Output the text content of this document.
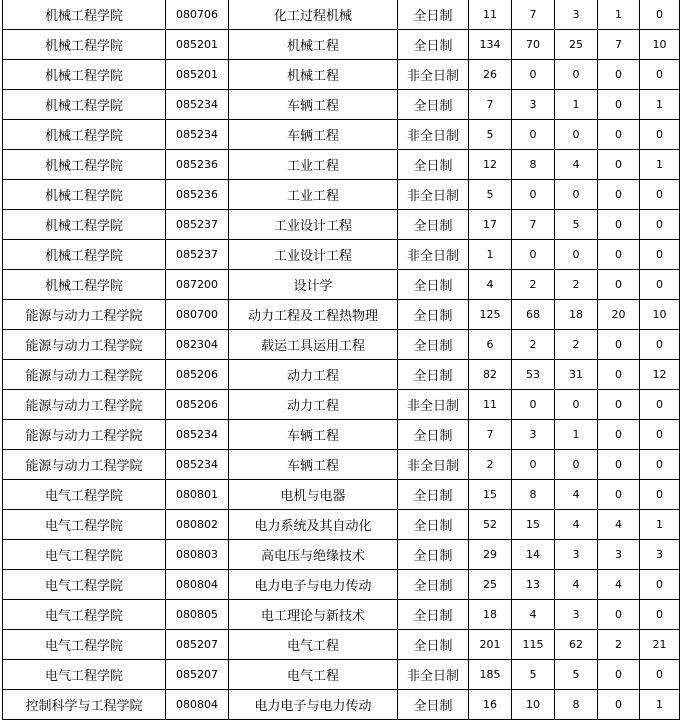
机械工程学院	080706	化工过程机械	全日制	11	7	3	1	0
机械工程学院	085201	机械工程	全日制	134	70	25	7	10
机械工程学院	085201	机械工程	非全日制	26	0	0	0	0
机械工程学院	085234	车辆工程	全日制	7	3	1	0	1
机械工程学院	085234	车辆工程	非全日制	5	0	0	0	0
机械工程学院	085236	工业工程	全日制	12	8	4	0	1
机械工程学院	085236	工业工程	非全日制	5	0	0	0	0
机械工程学院	085237	工业设计工程	全日制	17	7	5	0	0
机械工程学院	085237	工业设计工程	非全日制	1	0	0	0	0
机械工程学院	087200	设计学	全日制	4	2	2	0	0
能源与动力工程学院	080700	动力工程及工程热物理	全日制	125	68	18	20	10
能源与动力工程学院	082304	载运工具运用工程	全日制	6	2	2	0	0
能源与动力工程学院	085206	动力工程	全日制	82	53	31	0	12
能源与动力工程学院	085206	动力工程	非全日制	11	0	0	0	0
能源与动力工程学院	085234	车辆工程	全日制	7	3	1	0	0
能源与动力工程学院	085234	车辆工程	非全日制	2	0	0	0	0
电气工程学院	080801	电机与电器	全日制	15	8	4	0	0
电气工程学院	080802	电力系统及其自动化	全日制	52	15	4	4	1
电气工程学院	080803	高电压与绝缘技术	全日制	29	14	3	3	3
电气工程学院	080804	电力电子与电力传动	全日制	25	13	4	4	0
电气工程学院	080805	电工理论与新技术	全日制	18	4	3	0	0
电气工程学院	085207	电气工程	全日制	201	115	62	2	21
电气工程学院	085207	电气工程	非全日制	185	5	5	0	0
控制科学与工程学院	080804	电力电子与电力传动	全日制	16	10	8	0	1
